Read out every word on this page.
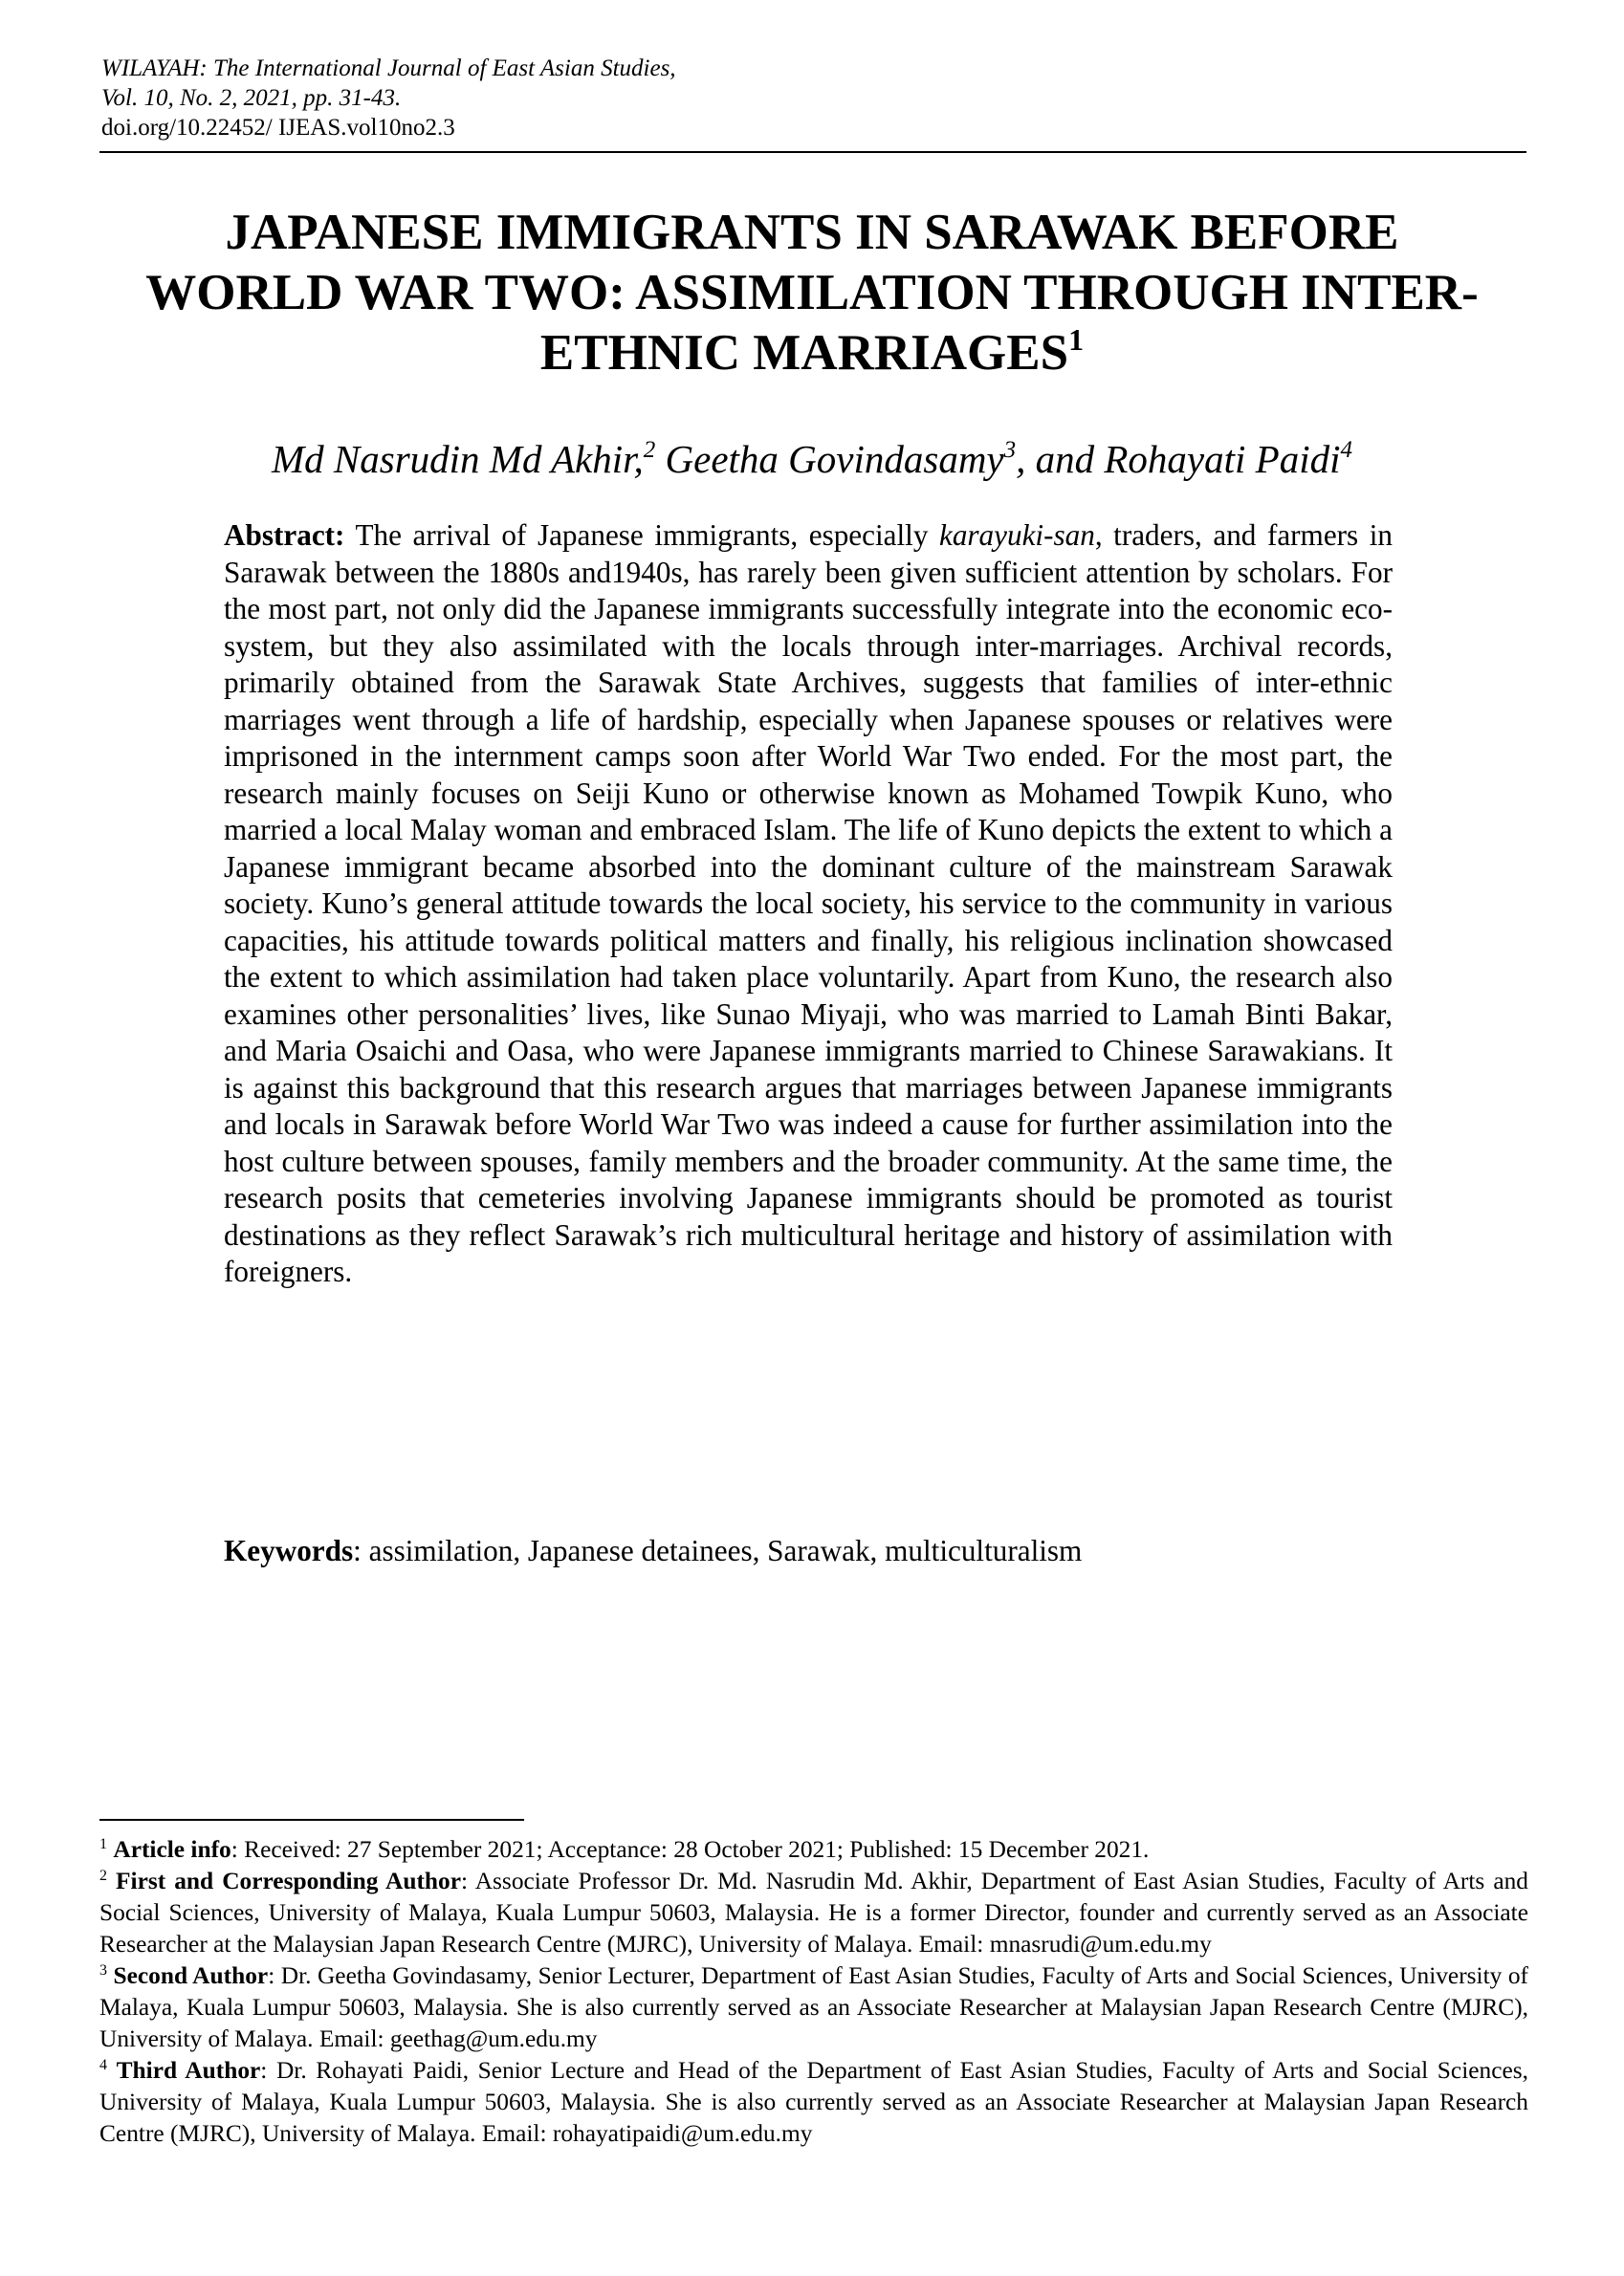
WILAYAH: The International Journal of East Asian Studies,
Vol. 10, No. 2, 2021, pp. 31-43.
doi.org/10.22452/ IJEAS.vol10no2.3
JAPANESE IMMIGRANTS IN SARAWAK BEFORE
WORLD WAR TWO: ASSIMILATION THROUGH INTER-
ETHNIC MARRIAGES$^1$
Md Nasrudin Md Akhir,$^2$ Geetha Govindasamy$^3$, and Rohayati Paidi$^4$
Abstract: The arrival of Japanese immigrants, especially karayuki-san, traders, and farmers in Sarawak between the 1880s and1940s, has rarely been given sufficient attention by scholars. For the most part, not only did the Japanese immigrants successfully integrate into the economic eco-system, but they also assimilated with the locals through inter-marriages. Archival records, primarily obtained from the Sarawak State Archives, suggests that families of inter-ethnic marriages went through a life of hardship, especially when Japanese spouses or relatives were imprisoned in the internment camps soon after World War Two ended. For the most part, the research mainly focuses on Seiji Kuno or otherwise known as Mohamed Towpik Kuno, who married a local Malay woman and embraced Islam. The life of Kuno depicts the extent to which a Japanese immigrant became absorbed into the dominant culture of the mainstream Sarawak society. Kuno’s general attitude towards the local society, his service to the community in various capacities, his attitude towards political matters and finally, his religious inclination showcased the extent to which assimilation had taken place voluntarily. Apart from Kuno, the research also examines other personalities’ lives, like Sunao Miyaji, who was married to Lamah Binti Bakar, and Maria Osaichi and Oasa, who were Japanese immigrants married to Chinese Sarawakians. It is against this background that this research argues that marriages between Japanese immigrants and locals in Sarawak before World War Two was indeed a cause for further assimilation into the host culture between spouses, family members and the broader community. At the same time, the research posits that cemeteries involving Japanese immigrants should be promoted as tourist destinations as they reflect Sarawak’s rich multicultural heritage and history of assimilation with foreigners.
Keywords: assimilation, Japanese detainees, Sarawak, multiculturalism

$^1$ Article info: Received: 27 September 2021; Acceptance: 28 October 2021; Published: 15 December 2021.

$^2$ First and Corresponding Author: Associate Professor Dr. Md. Nasrudin Md. Akhir, Department of East Asian Studies, Faculty of Arts and Social Sciences, University of Malaya, Kuala Lumpur 50603, Malaysia. He is a former Director, founder and currently served as an Associate Researcher at the Malaysian Japan Research Centre (MJRC), University of Malaya. Email: mnasrudi@um.edu.my

$^3$ Second Author: Dr. Geetha Govindasamy, Senior Lecturer, Department of East Asian Studies, Faculty of Arts and Social Sciences, University of Malaya, Kuala Lumpur 50603, Malaysia. She is also currently served as an Associate Researcher at Malaysian Japan Research Centre (MJRC), University of Malaya. Email: geethag@um.edu.my

$^4$ Third Author: Dr. Rohayati Paidi, Senior Lecture and Head of the Department of East Asian Studies, Faculty of Arts and Social Sciences, University of Malaya, Kuala Lumpur 50603, Malaysia. She is also currently served as an Associate Researcher at Malaysian Japan Research Centre (MJRC), University of Malaya. Email: rohayatipaidi@um.edu.my
